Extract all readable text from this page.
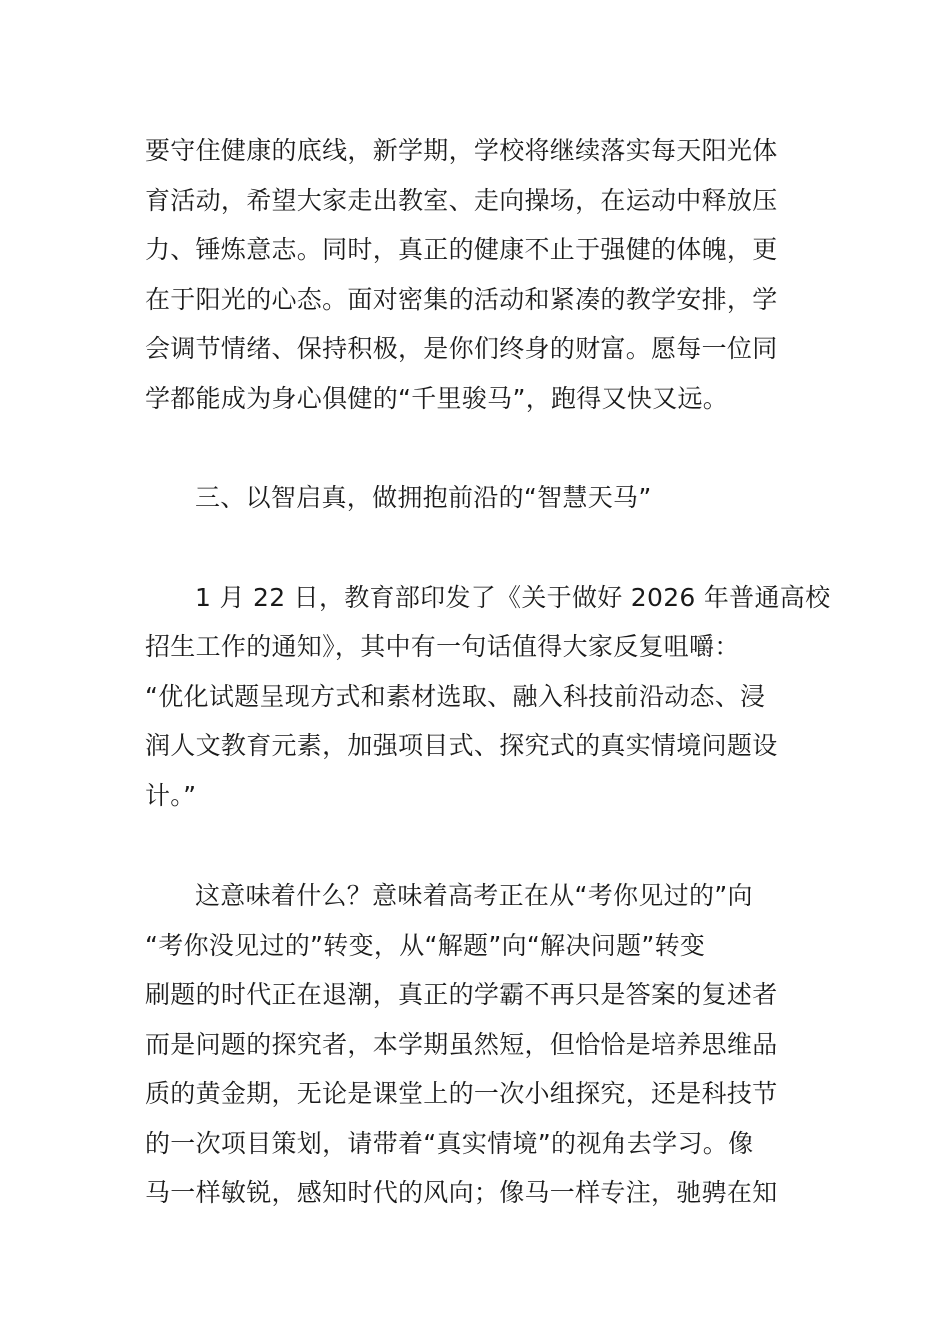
要守住健康的底线，新学期，学校将继续落实每天阳光体
育活动，希望大家走出教室、走向操场，在运动中释放压
力、锤炼意志。同时，真正的健康不止于强健的体魄，更
在于阳光的心态。面对密集的活动和紧凑的教学安排，学
会调节情绪、保持积极，是你们终身的财富。愿每一位同
学都能成为身心俱健的“千里骏马”，跑得又快又远。
三、以智启真，做拥抱前沿的“智慧天马”
1 月 22 日，教育部印发了《关于做好 2026 年普通高校
招生工作的通知》，其中有一句话值得大家反复咀嚼：
“优化试题呈现方式和素材选取、融入科技前沿动态、浸
润人文教育元素，加强项目式、探究式的真实情境问题设
计。”
这意味着什么？意味着高考正在从“考你见过的”向
“考你没见过的”转变，从“解题”向“解决问题”转变
刷题的时代正在退潮，真正的学霸不再只是答案的复述者
而是问题的探究者，本学期虽然短，但恰恰是培养思维品
质的黄金期，无论是课堂上的一次小组探究，还是科技节
的一次项目策划，请带着“真实情境”的视角去学习。像
马一样敏锐，感知时代的风向；像马一样专注，驰骋在知
